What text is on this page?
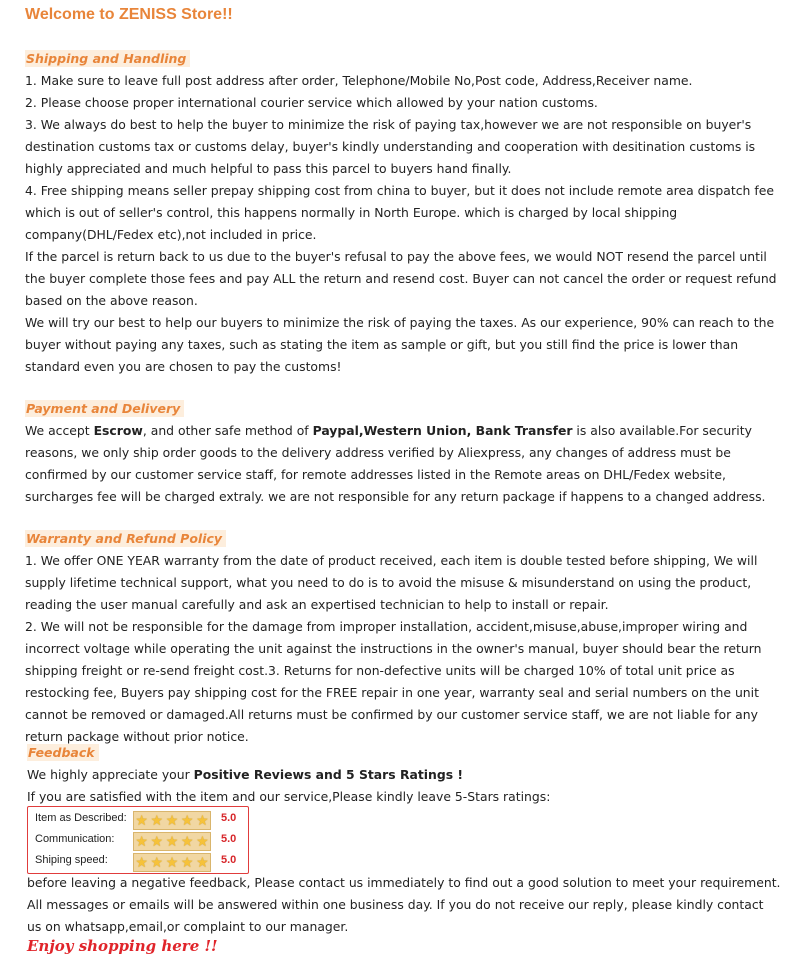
Welcome to ZENISS Store!!
Shipping and Handling
1. Make sure to leave full post address after order, Telephone/Mobile No,Post code, Address,Receiver name.
2. Please choose proper international courier service which allowed by your nation customs.
3. We always do best to help the buyer to minimize the risk of paying tax,however we are not responsible on buyer's destination customs tax or customs delay, buyer's kindly understanding and cooperation with desitination customs is highly appreciated and much helpful to pass this parcel to buyers hand finally.
4. Free shipping means seller prepay shipping cost from china to buyer, but it does not include remote area dispatch fee which is out of seller's control, this happens normally in North Europe. which is charged by local shipping company(DHL/Fedex etc),not included in price.
If the parcel is return back to us due to the buyer's refusal to pay the above fees, we would NOT resend the parcel until the buyer complete those fees and pay ALL the return and resend cost. Buyer can not cancel the order or request refund based on the above reason.
We will try our best to help our buyers to minimize the risk of paying the taxes. As our experience, 90% can reach to the buyer without paying any taxes, such as stating the item as sample or gift, but you still find the price is lower than standard even you are chosen to pay the customs!
Payment and Delivery
We accept Escrow, and other safe method of Paypal,Western Union, Bank Transfer is also available.For security reasons, we only ship order goods to the delivery address verified by Aliexpress, any changes of address must be confirmed by our customer service staff, for remote addresses listed in the Remote areas on DHL/Fedex website, surcharges fee will be charged extraly. we are not responsible for any return package if happens to a changed address.
Warranty and Refund Policy
1. We offer ONE YEAR warranty from the date of product received, each item is double tested before shipping, We will supply lifetime technical support, what you need to do is to avoid the misuse & misunderstand on using the product, reading the user manual carefully and ask an expertised technician to help to install or repair.
2. We will not be responsible for the damage from improper installation, accident,misuse,abuse,improper wiring and incorrect voltage while operating the unit against the instructions in the owner's manual, buyer should bear the return shipping freight or re-send freight cost.3. Returns for non-defective units will be charged 10% of total unit price as restocking fee, Buyers pay shipping cost for the FREE repair in one year, warranty seal and serial numbers on the unit cannot be removed or damaged.All returns must be confirmed by our customer service staff, we are not liable for any return package without prior notice.
Feedback
We highly appreciate your Positive Reviews and 5 Stars Ratings !
If you are satisfied with the item and our service,Please kindly leave 5-Stars ratings:
Item as Described: ★ ★ ★ ★ ★ 5.0
Communication: ★ ★ ★ ★ ★ 5.0
Shiping speed: ★ ★ ★ ★ ★ 5.0
before leaving a negative feedback, Please contact us immediately to find out a good solution to meet your requirement.
All messages or emails will be answered within one business day. If you do not receive our reply, please kindly contact us on whatsapp,email,or complaint to our manager.
Enjoy shopping here !!
